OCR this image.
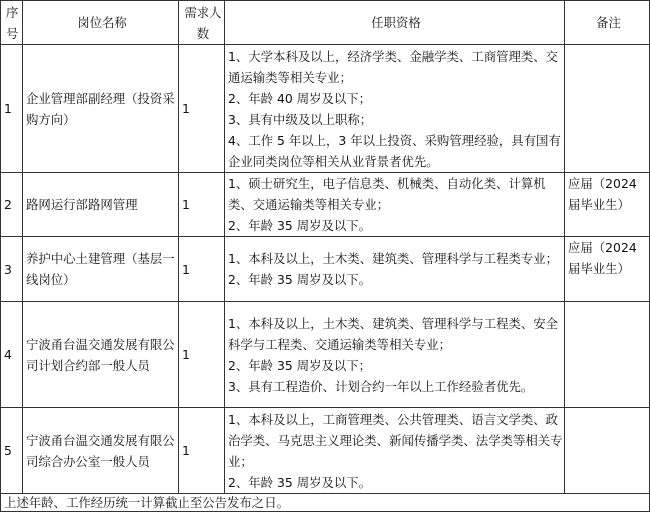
序号	岗位名称	需求人数	任职资格	备注
1	企业管理部副经理（投资采购方向）	1	1、大学本科及以上，经济学类、金融学类、工商管理类、交通运输类等相关专业；
2、年龄 40 周岁及以下；
3、具有中级及以上职称；
4、工作 5 年以上，3 年以上投资、采购管理经验，具有国有企业同类岗位等相关从业背景者优先。	

2	路网运行部路网管理	1	1、硕士研究生，电子信息类、机械类、自动化类、计算机类、交通运输类等相关专业；
2、年龄 35 周岁及以下。	应届（2024 届毕业生）
3	养护中心土建管理（基层一线岗位）	1	1、本科及以上，土木类、建筑类、管理科学与工程类专业；
2、年龄 35 周岁及以下。	应届（2024 届毕业生）
4	宁波甬台温交通发展有限公司计划合约部一般人员	1	1、本科及以上，土木类、建筑类、管理科学与工程类、安全科学与工程类、交通运输类等相关专业；
2、年龄 35 周岁及以下；
3、具有工程造价、计划合约一年以上工作经验者优先。	

5	宁波甬台温交通发展有限公司综合办公室一般人员	1	1、本科及以上，工商管理类、公共管理类、语言文学类、政治学类、马克思主义理论类、新闻传播学类、法学类等相关专业；
2、年龄 35 周岁及以下。	

上述年龄、工作经历统一计算截止至公告发布之日。				
